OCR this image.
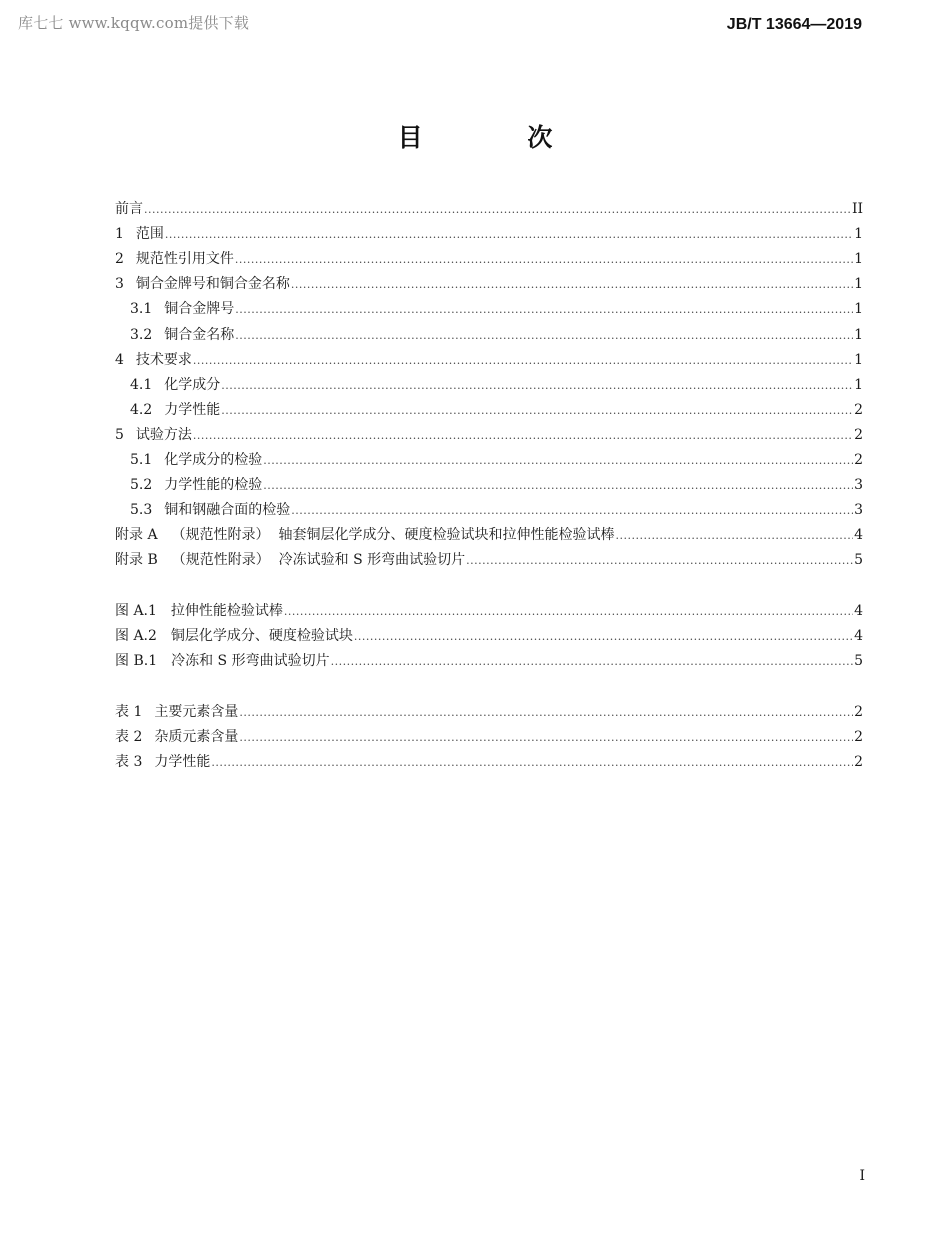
库七七 www.kqqw.com提供下载	JB/T 13664—2019
目 次
前言 .....	II
1 范围 .....	1
2 规范性引用文件 .....	1
3 铜合金牌号和铜合金名称 .....	1
3.1 铜合金牌号 .....	1
3.2 铜合金名称 .....	1
4 技术要求 .....	1
4.1 化学成分 .....	1
4.2 力学性能 .....	2
5 试验方法 .....	2
5.1 化学成分的检验 .....	2
5.2 力学性能的检验 .....	3
5.3 铜和钢融合面的检验 .....	3
附录 A （规范性附录）  轴套铜层化学成分、硬度检验试块和拉伸性能检验试棒 .....	4
附录 B （规范性附录）  冷冻试验和 S 形弯曲试验切片 .....	5
图 A.1 拉伸性能检验试棒 .....	4
图 A.2 铜层化学成分、硬度检验试块 .....	4
图 B.1 冷冻和 S 形弯曲试验切片 .....	5
表 1 主要元素含量 .....	2
表 2 杂质元素含量 .....	2
表 3 力学性能 .....	2
I
